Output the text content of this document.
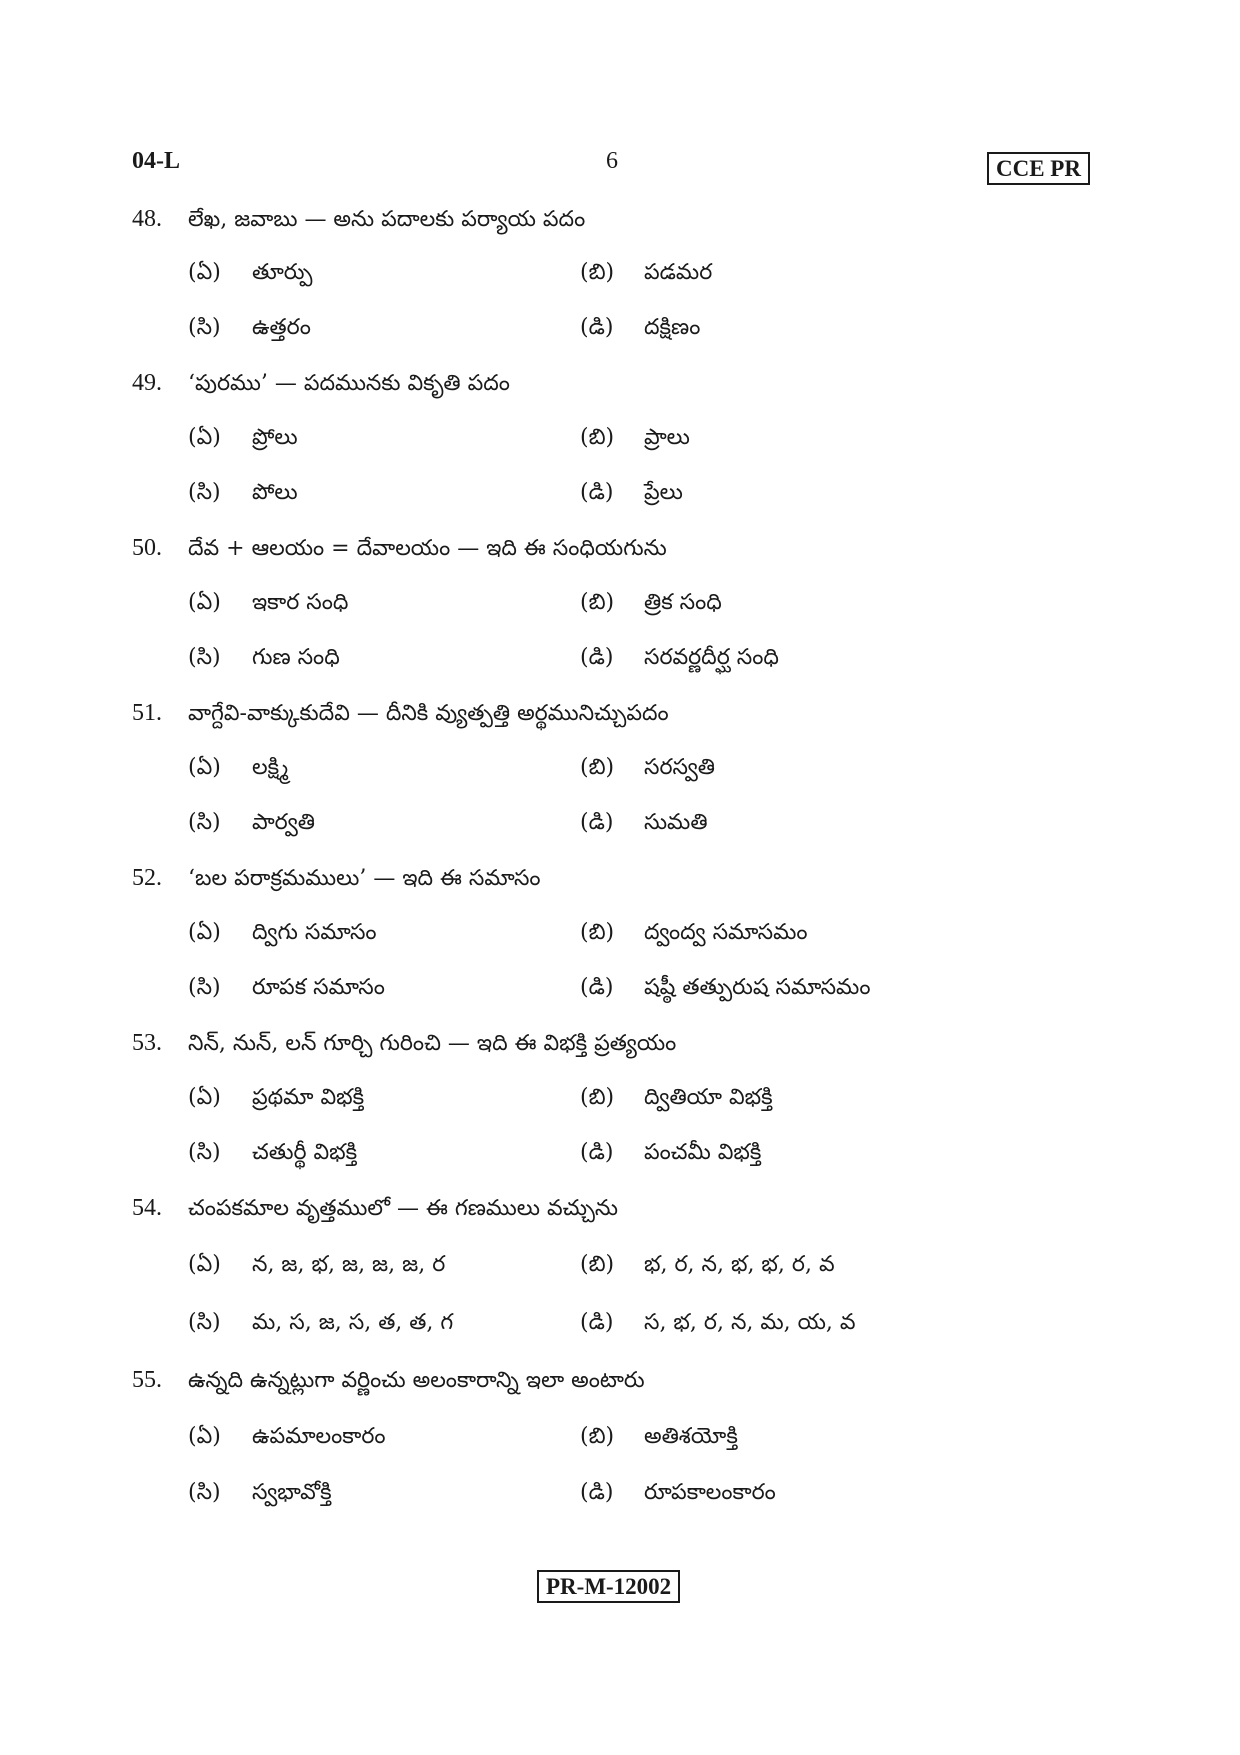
04-L	6	CCE PR
48. లేఖ, జవాబు — అను పదాలకు పర్యాయ పదం
(ఏ) తూర్పు	(బి) పడమర
(సి) ఉత్తరం	(డి) దక్షిణం
49. ‘పురము’ — పదమునకు వికృతి పదం
(ఏ) ప్రోలు	(బి) ప్రాలు
(సి) పోలు	(డి) ప్రేలు
50. దేవ + ఆలయం = దేవాలయం — ఇది ఈ సంధియగును
(ఏ) ఇకార సంధి	(బి) త్రిక సంధి
(సి) గుణ సంధి	(డి) సరవర్ణదీర్ఘ సంధి
51. వాగ్దేవి-వాక్కుకుదేవి — దీనికి వ్యుత్పత్తి అర్థమునిచ్చుపదం
(ఏ) లక్ష్మి	(బి) సరస్వతి
(సి) పార్వతి	(డి) సుమతి
52. ‘బల పరాక్రమములు’ — ఇది ఈ సమాసం
(ఏ) ద్విగు సమాసం	(బి) ద్వంద్వ సమాసమం
(సి) రూపక సమాసం	(డి) షష్ఠీ తత్పురుష సమాసమం
53. నిన్, నున్, లన్ గూర్చి గురించి — ఇది ఈ విభక్తి ప్రత్యయం
(ఏ) ప్రథమా విభక్తి	(బి) ద్వితియా విభక్తి
(సి) చతుర్థీ విభక్తి	(డి) పంచమీ విభక్తి
54. చంపకమాల వృత్తములో — ఈ గణములు వచ్చును
(ఏ) న, జ, భ, జ, జ, జ, ర	(బి) భ, ర, న, భ, భ, ర, వ
(సి) మ, స, జ, స, త, త, గ	(డి) స, భ, ర, న, మ, య, వ
55. ఉన్నది ఉన్నట్లుగా వర్ణించు అలంకారాన్ని ఇలా అంటారు
(ఏ) ఉపమాలంకారం	(బి) అతిశయోక్తి
(సి) స్వభావోక్తి	(డి) రూపకాలంకారం
PR-M-12002
